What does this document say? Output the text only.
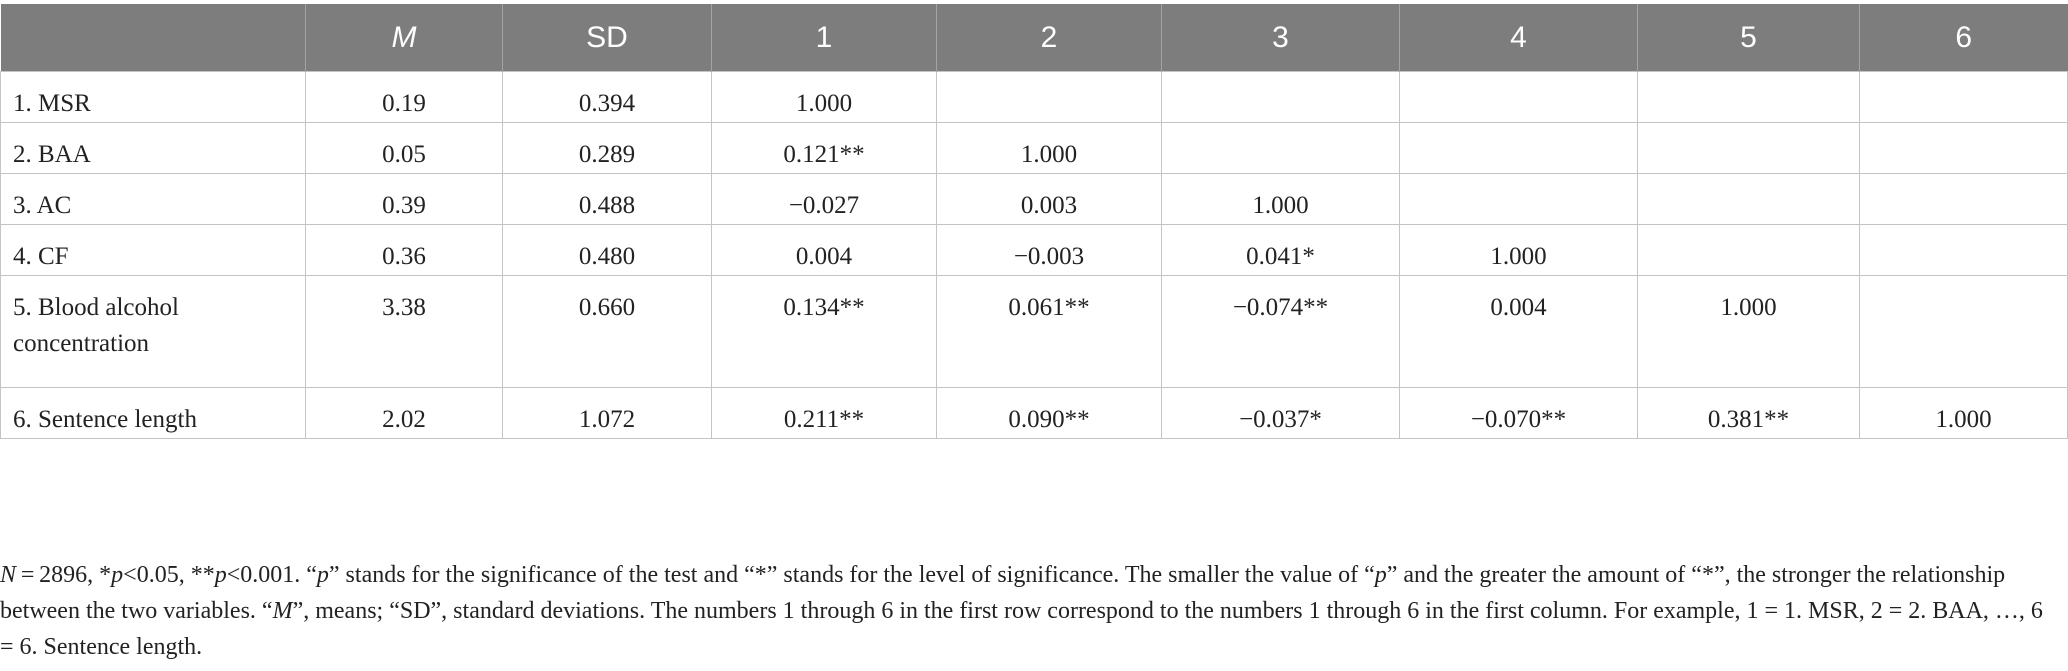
	M	SD	1	2	3	4	5	6
1. MSR	0.19	0.394	1.000					
2. BAA	0.05	0.289	0.121**	1.000				
3. AC	0.39	0.488	−0.027	0.003	1.000			
4. CF	0.36	0.480	0.004	−0.003	0.041*	1.000		
5. Blood alcohol concentration	3.38	0.660	0.134**	0.061**	−0.074**	0.004	1.000	
6. Sentence length	2.02	1.072	0.211**	0.090**	−0.037*	−0.070**	0.381**	1.000
N = 2896, *p<0.05, **p<0.001. “p” stands for the significance of the test and “*” stands for the level of significance. The smaller the value of “p” and the greater the amount of “*”, the stronger the relationship between the two variables. “M”, means; “SD”, standard deviations. The numbers 1 through 6 in the first row correspond to the numbers 1 through 6 in the first column. For example, 1 = 1. MSR, 2 = 2. BAA, …, 6 = 6. Sentence length.
